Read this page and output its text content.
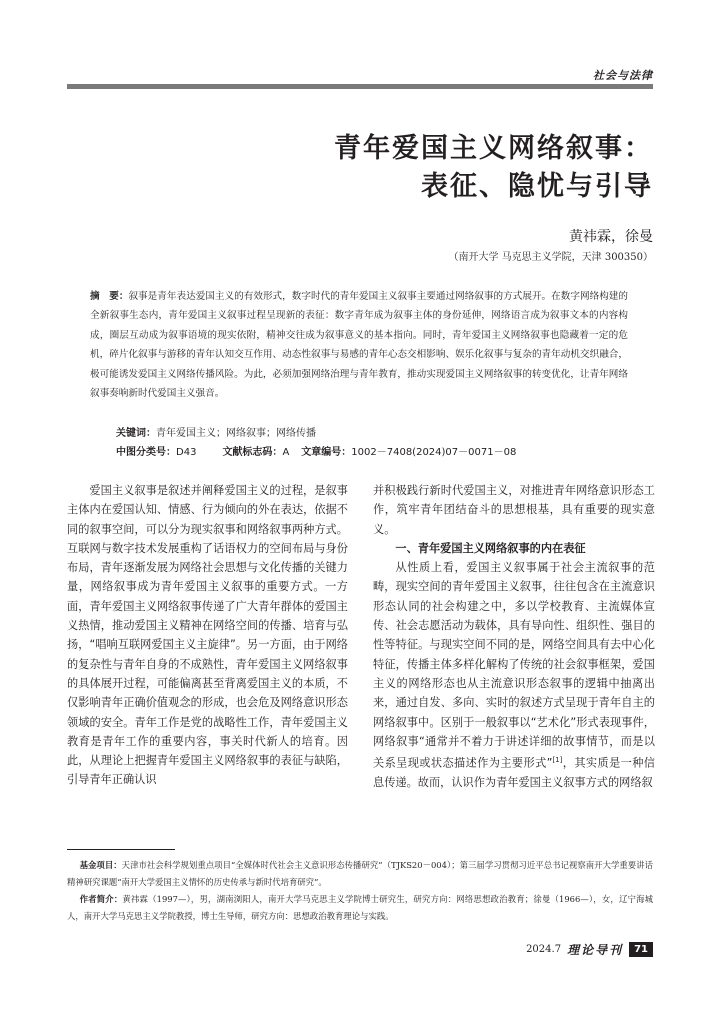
社会与法律
青年爱国主义网络叙事：
表征、隐忧与引导
黄祎霖，徐曼
（南开大学 马克思主义学院，天津 300350）
摘　要：叙事是青年表达爱国主义的有效形式，数字时代的青年爱国主义叙事主要通过网络叙事的方式展开。在数字网络构建的全新叙事生态内，青年爱国主义叙事过程呈现新的表征：数字青年成为叙事主体的身份延伸，网络语言成为叙事文本的内容构成，圈层互动成为叙事语境的现实依附，精神交往成为叙事意义的基本指向。同时，青年爱国主义网络叙事也隐藏着一定的危机，碎片化叙事与游移的青年认知交互作用、动态性叙事与易感的青年心态交相影响、娱乐化叙事与复杂的青年动机交织融合，极可能诱发爱国主义网络传播风险。为此，必须加强网络治理与青年教育，推动实现爱国主义网络叙事的转变优化，让青年网络叙事奏响新时代爱国主义强音。
关键词：青年爱国主义；网络叙事；网络传播
中图分类号：D43	文献标志码：A 文章编号：1002－7408(2024)07－0071－08

爱国主义叙事是叙述并阐释爱国主义的过程，是叙事主体内在爱国认知、情感、行为倾向的外在表达，依据不同的叙事空间，可以分为现实叙事和网络叙事两种方式。互联网与数字技术发展重构了话语权力的空间布局与身份布局，青年逐渐发展为网络社会思想与文化传播的关键力量，网络叙事成为青年爱国主义叙事的重要方式。一方面，青年爱国主义网络叙事传递了广大青年群体的爱国主义热情，推动爱国主义精神在网络空间的传播、培育与弘扬，“唱响互联网爱国主义主旋律”。另一方面，由于网络的复杂性与青年自身的不成熟性，青年爱国主义网络叙事的具体展开过程，可能偏离甚至背离爱国主义的本质，不仅影响青年正确价值观念的形成，也会危及网络意识形态领域的安全。青年工作是党的战略性工作，青年爱国主义教育是青年工作的重要内容，事关时代新人的培育。因此，从理论上把握青年爱国主义网络叙事的表征与缺陷，引导青年正确认识

并积极践行新时代爱国主义，对推进青年网络意识形态工作，筑牢青年团结奋斗的思想根基，具有重要的现实意义。

一、青年爱国主义网络叙事的内在表征

从性质上看，爱国主义叙事属于社会主流叙事的范畴，现实空间的青年爱国主义叙事，往往包含在主流意识形态认同的社会构建之中，多以学校教育、主流媒体宣传、社会志愿活动为载体，具有导向性、组织性、强目的性等特征。与现实空间不同的是，网络空间具有去中心化特征，传播主体多样化解构了传统的社会叙事框架，爱国主义的网络形态也从主流意识形态叙事的逻辑中抽离出来，通过自发、多向、实时的叙述方式呈现于青年自主的网络叙事中。区别于一般叙事以“艺术化”形式表现事件，网络叙事“通常并不着力于讲述详细的故事情节，而是以关系呈现或状态描述作为主要形式”[1]，其实质是一种信息传递。故而，认识作为青年爱国主义叙事方式的网络叙

基金项目：天津市社会科学规划重点项目“全媒体时代社会主义意识形态传播研究”（TJKS20－004）；第三届学习贯彻习近平总书记视察南开大学重要讲话精神研究课题“南开大学爱国主义情怀的历史传承与新时代培育研究”。
作者简介：黄祎霖（1997—），男，湖南浏阳人，南开大学马克思主义学院博士研究生，研究方向：网络思想政治教育；徐曼（1966—），女，辽宁海城人，南开大学马克思主义学院教授，博士生导师，研究方向：思想政治教育理论与实践。
2024.7 理论导刊	71
